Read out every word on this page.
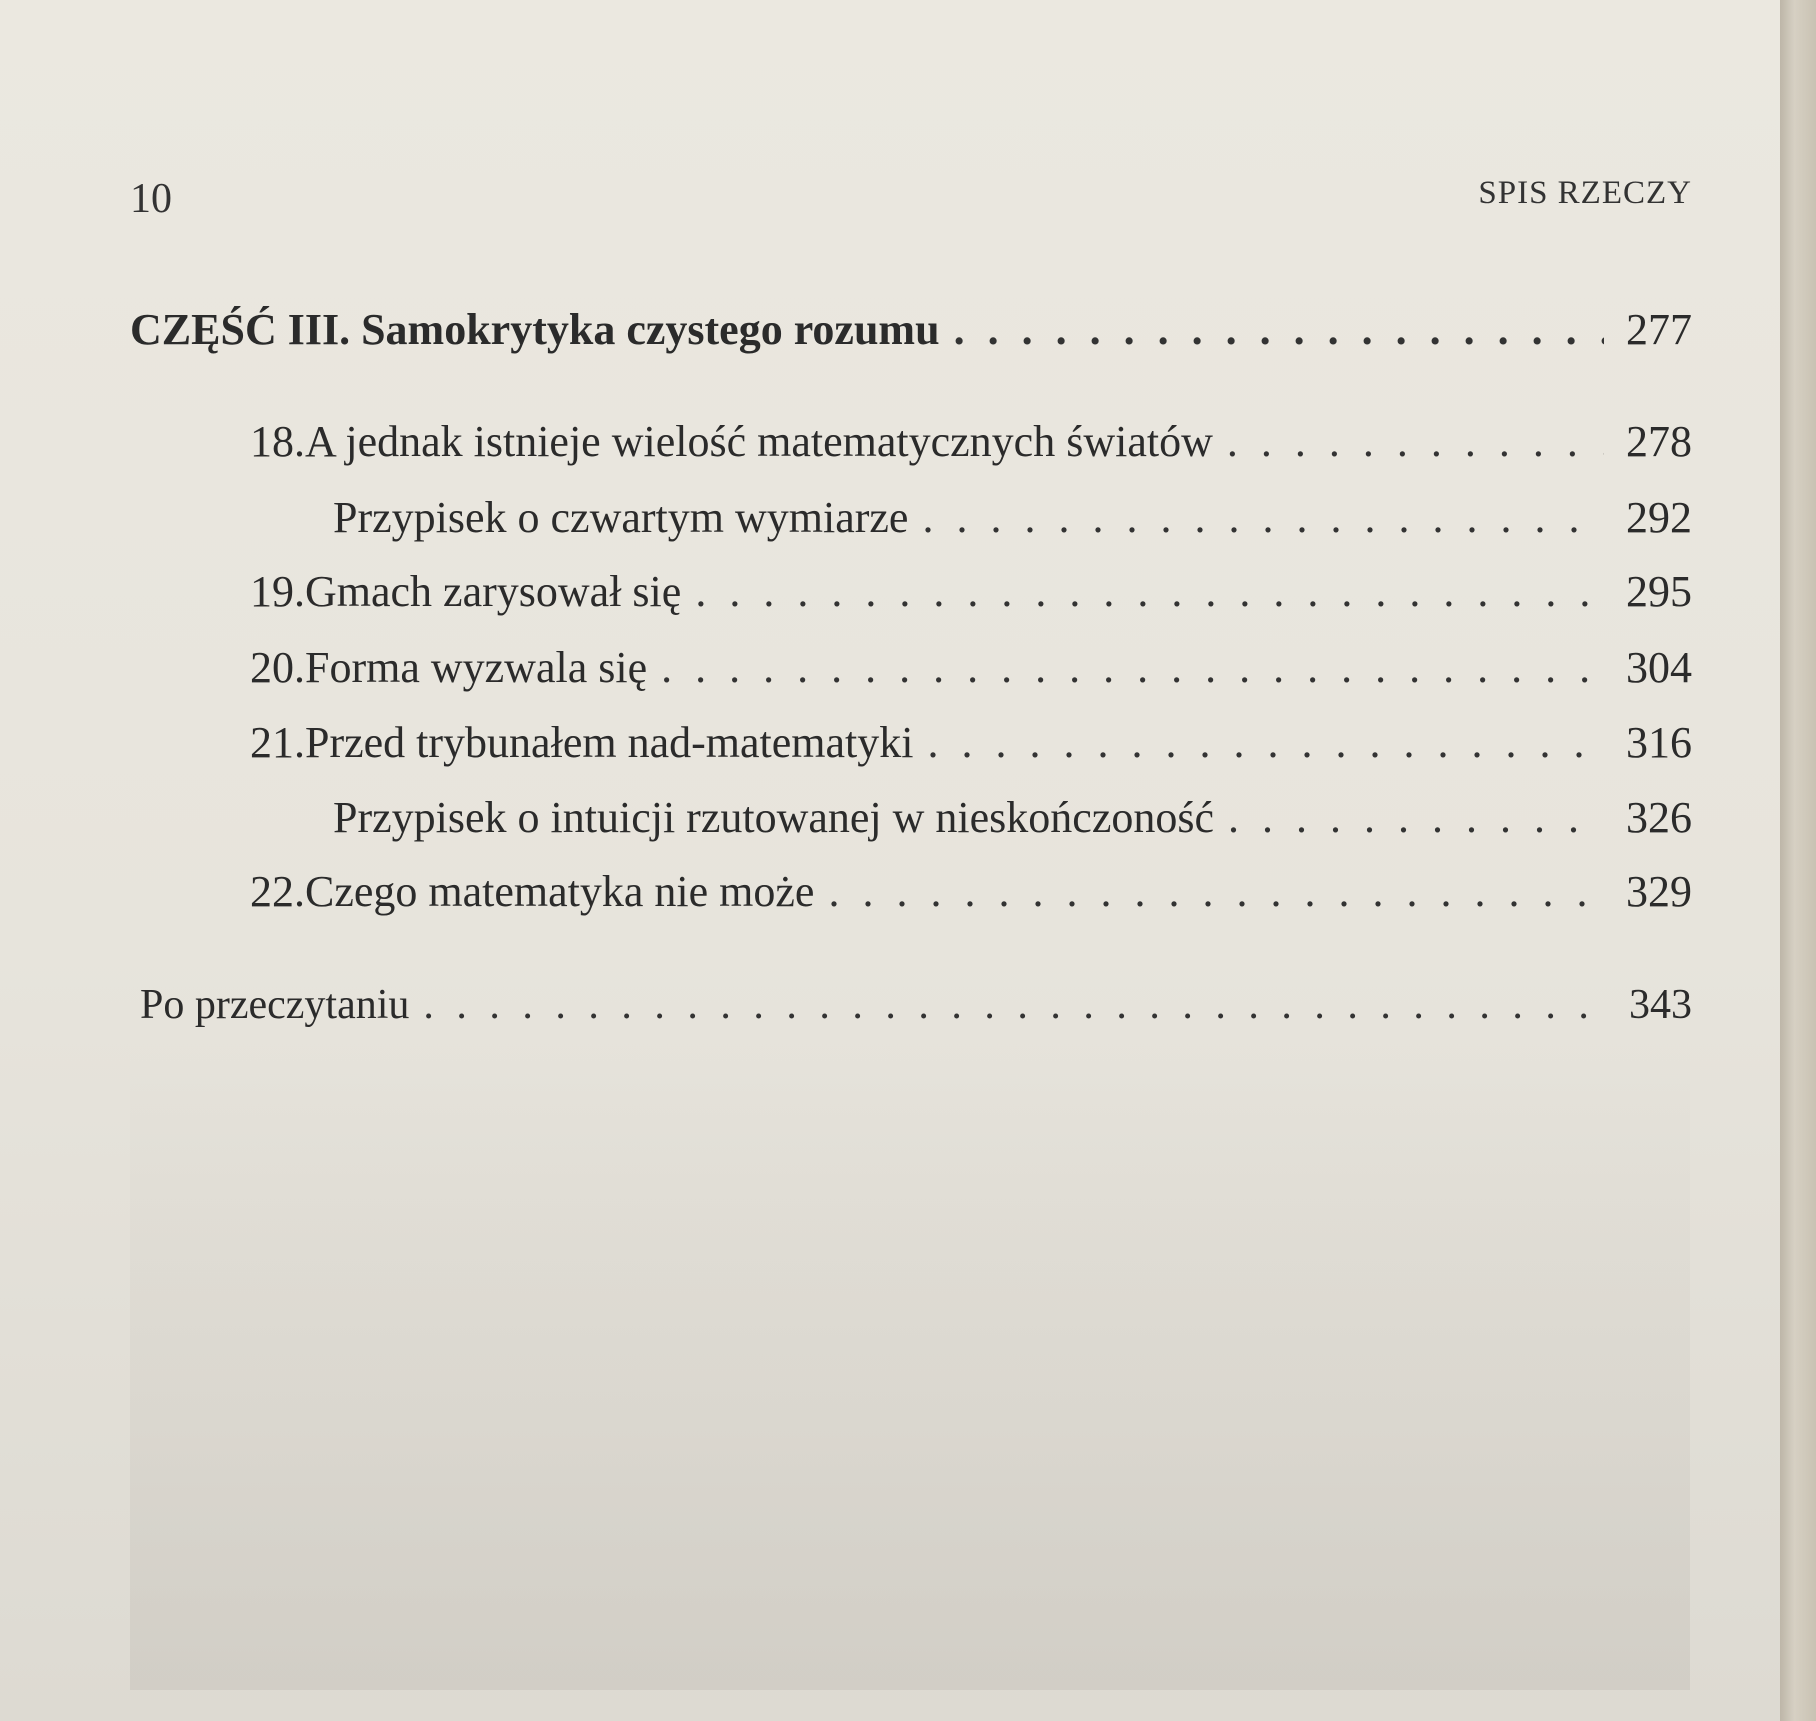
10	SPIS RZECZY
CZĘŚĆ III. Samokrytyka czystego rozumu . . .	277
18. A jednak istnieje wielość matematycznych światów . . .	278
Przypisek o czwartym wymiarze . . .	292
19. Gmach zarysował się . . .	295
20. Forma wyzwala się . . .	304
21. Przed trybunałem nad-matematyki . . .	316
Przypisek o intuicji rzutowanej w nieskończoność . . .	326
22. Czego matematyka nie może . . .	329
Po przeczytaniu . . .	343
